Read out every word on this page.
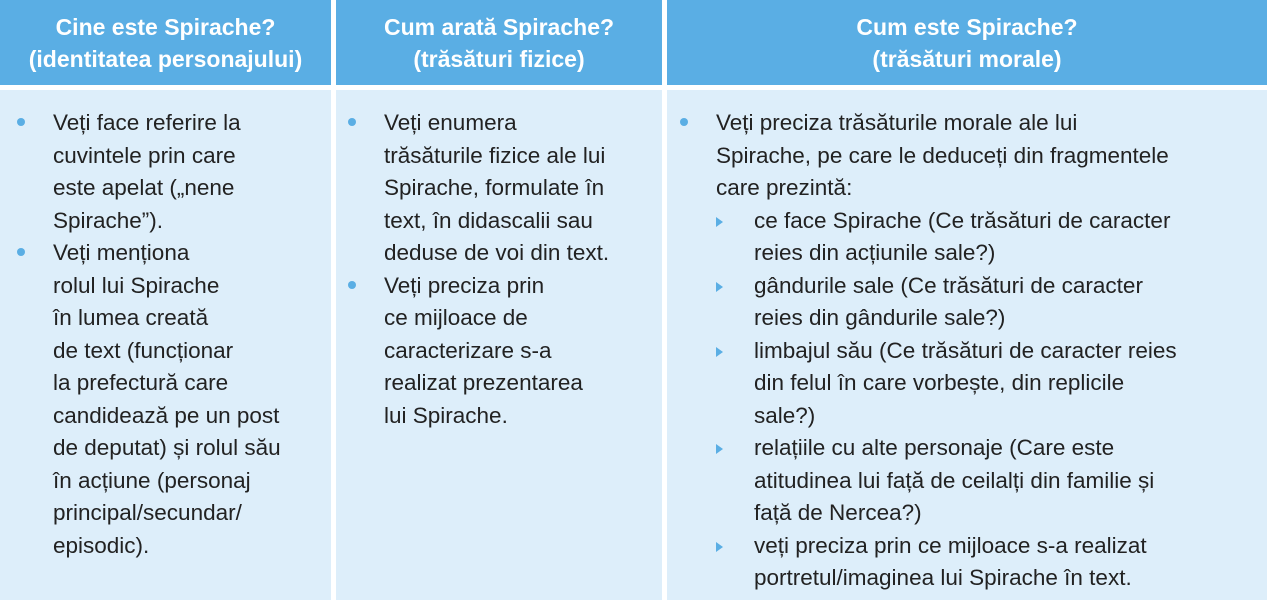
Cine este Spirache?
(identitatea personajului)
Veți face referire la
cuvintele prin care
este apelat („nene
Spirache”).
Veți menționa
rolul lui Spirache
în lumea creată
de text (funcționar
la prefectură care
candidează pe un post
de deputat) și rolul său
în acțiune (personaj
principal/secundar/
episodic).
Cum arată Spirache?
(trăsături fizice)
Veți enumera
trăsăturile fizice ale lui
Spirache, formulate în
text, în didascalii sau
deduse de voi din text.
Veți preciza prin
ce mijloace de
caracterizare s-a
realizat prezentarea
lui Spirache.
Cum este Spirache?
(trăsături morale)
Veți preciza trăsăturile morale ale lui
Spirache, pe care le deduceți din fragmentele
care prezintă:
ce face Spirache (Ce trăsături de caracter
reies din acțiunile sale?)
gândurile sale (Ce trăsături de caracter
reies din gândurile sale?)
limbajul său (Ce trăsături de caracter reies
din felul în care vorbește, din replicile
sale?)
relațiile cu alte personaje (Care este
atitudinea lui față de ceilalți din familie și
față de Nercea?)
veți preciza prin ce mijloace s-a realizat
portretul/imaginea lui Spirache în text.
